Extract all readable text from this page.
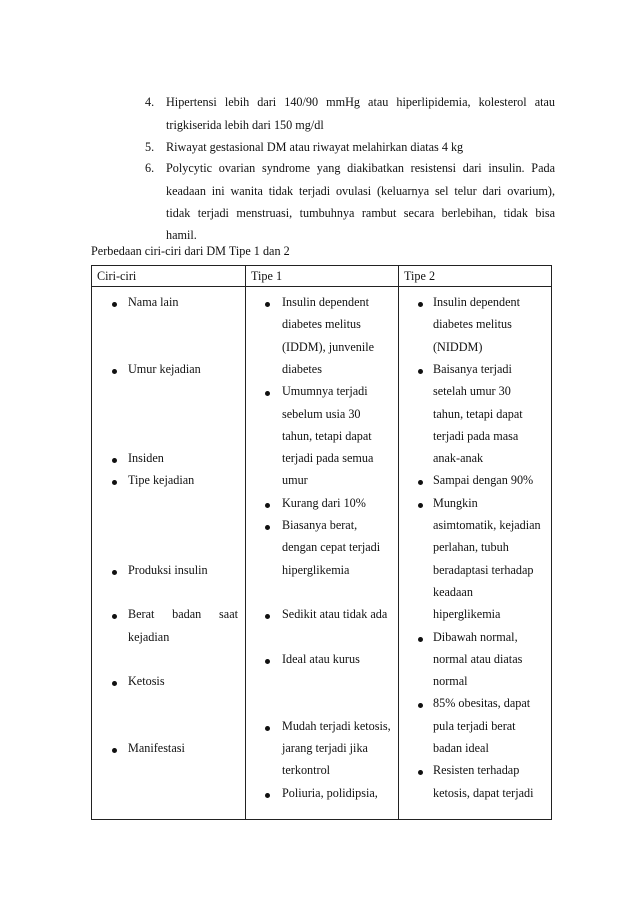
4. Hipertensi lebih dari 140/90 mmHg atau hiperlipidemia, kolesterol atau
trigkiserida lebih dari 150 mg/dl
5. Riwayat gestasional DM atau riwayat melahirkan diatas 4 kg
6. Polycytic ovarian syndrome yang diakibatkan resistensi dari insulin. Pada
keadaan ini wanita tidak terjadi ovulasi (keluarnya sel telur dari ovarium),
tidak terjadi menstruasi, tumbuhnya rambut secara berlebihan, tidak bisa
hamil.
Perbedaan ciri-ciri dari DM Tipe 1 dan 2
Ciri-ciri	Tipe 1	Tipe 2
Nama lain
Umur kejadian
Insiden
Tipe kejadian
Produksi insulin
Berat badan saat
kejadian
Ketosis
Manifestasi
Insulin dependent
diabetes melitus
(IDDM), junvenile
diabetes
Umumnya terjadi
sebelum usia 30
tahun, tetapi dapat
terjadi pada semua
umur
Kurang dari 10%
Biasanya berat,
dengan cepat terjadi
hiperglikemia
Sedikit atau tidak ada
Ideal atau kurus
Mudah terjadi ketosis,
jarang terjadi jika
terkontrol
Poliuria, polidipsia,
Insulin dependent
diabetes melitus
(NIDDM)
Baisanya terjadi
setelah umur 30
tahun, tetapi dapat
terjadi pada masa
anak-anak
Sampai dengan 90%
Mungkin
asimtomatik, kejadian
perlahan, tubuh
beradaptasi terhadap
keadaan
hiperglikemia
Dibawah normal,
normal atau diatas
normal
85% obesitas, dapat
pula terjadi berat
badan ideal
Resisten terhadap
ketosis, dapat terjadi
